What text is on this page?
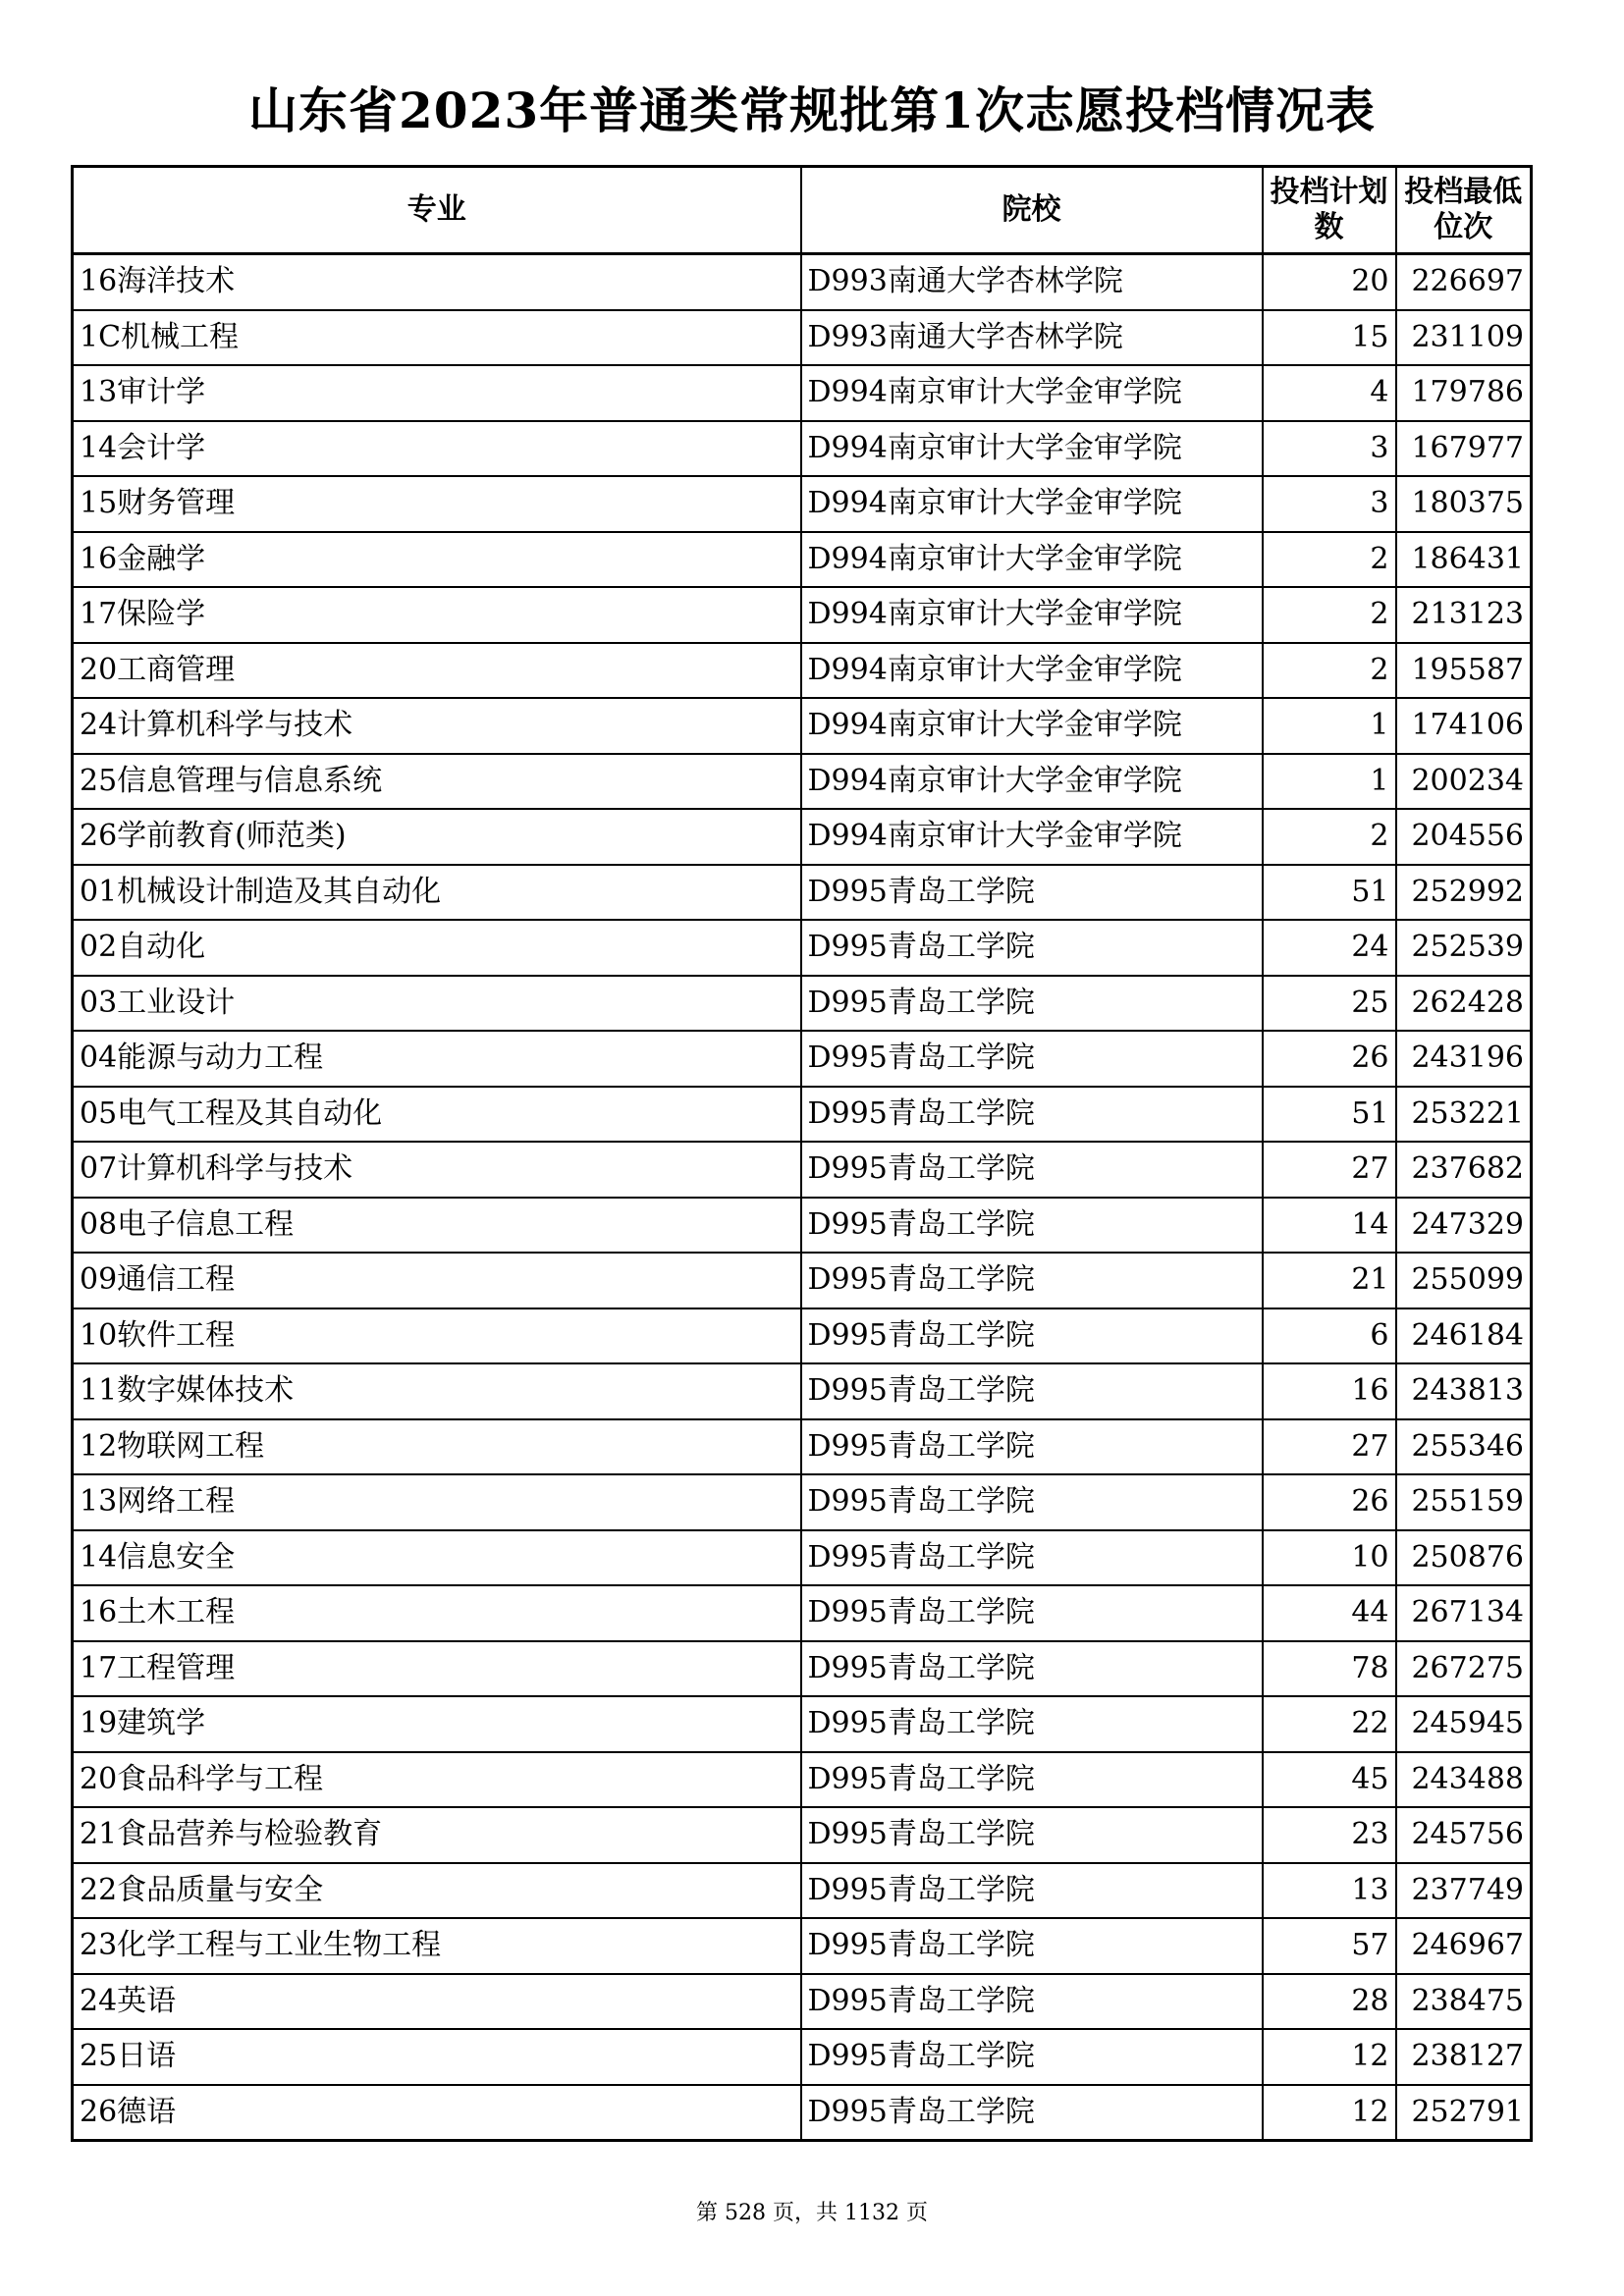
山东省2023年普通类常规批第1次志愿投档情况表
专业	院校	投档计划数	投档最低位次
16海洋技术	D993南通大学杏林学院	20	226697
1C机械工程	D993南通大学杏林学院	15	231109
13审计学	D994南京审计大学金审学院	4	179786
14会计学	D994南京审计大学金审学院	3	167977
15财务管理	D994南京审计大学金审学院	3	180375
16金融学	D994南京审计大学金审学院	2	186431
17保险学	D994南京审计大学金审学院	2	213123
20工商管理	D994南京审计大学金审学院	2	195587
24计算机科学与技术	D994南京审计大学金审学院	1	174106
25信息管理与信息系统	D994南京审计大学金审学院	1	200234
26学前教育(师范类)	D994南京审计大学金审学院	2	204556
01机械设计制造及其自动化	D995青岛工学院	51	252992
02自动化	D995青岛工学院	24	252539
03工业设计	D995青岛工学院	25	262428
04能源与动力工程	D995青岛工学院	26	243196
05电气工程及其自动化	D995青岛工学院	51	253221
07计算机科学与技术	D995青岛工学院	27	237682
08电子信息工程	D995青岛工学院	14	247329
09通信工程	D995青岛工学院	21	255099
10软件工程	D995青岛工学院	6	246184
11数字媒体技术	D995青岛工学院	16	243813
12物联网工程	D995青岛工学院	27	255346
13网络工程	D995青岛工学院	26	255159
14信息安全	D995青岛工学院	10	250876
16土木工程	D995青岛工学院	44	267134
17工程管理	D995青岛工学院	78	267275
19建筑学	D995青岛工学院	22	245945
20食品科学与工程	D995青岛工学院	45	243488
21食品营养与检验教育	D995青岛工学院	23	245756
22食品质量与安全	D995青岛工学院	13	237749
23化学工程与工业生物工程	D995青岛工学院	57	246967
24英语	D995青岛工学院	28	238475
25日语	D995青岛工学院	12	238127
26德语	D995青岛工学院	12	252791
第 528 页，共 1132 页
